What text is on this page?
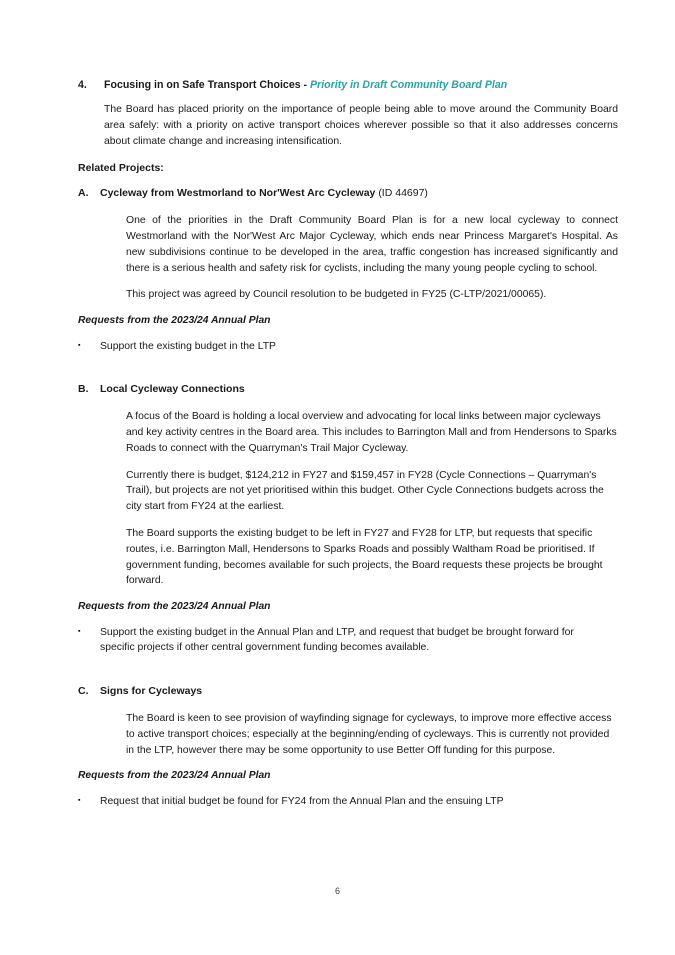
4.	Focusing in on Safe Transport Choices - Priority in Draft Community Board Plan

The Board has placed priority on the importance of people being able to move around the Community Board area safely: with a priority on active transport choices wherever possible so that it also addresses concerns about climate change and increasing intensification.

Related Projects:
A.	Cycleway from Westmorland to Nor'West Arc Cycleway (ID 44697)

One of the priorities in the Draft Community Board Plan is for a new local cycleway to connect Westmorland with the Nor'West Arc Major Cycleway, which ends near Princess Margaret's Hospital. As new subdivisions continue to be developed in the area, traffic congestion has increased significantly and there is a serious health and safety risk for cyclists, including the many young people cycling to school.

This project was agreed by Council resolution to be budgeted in FY25 (C-LTP/2021/00065).

Requests from the 2023/24 Annual Plan
▪	Support the existing budget in the LTP
B.	Local Cycleway Connections

A focus of the Board is holding a local overview and advocating for local links between major cycleways and key activity centres in the Board area. This includes to Barrington Mall and from Hendersons to Sparks Roads to connect with the Quarryman's Trail Major Cycleway.

Currently there is budget, $124,212 in FY27 and $159,457 in FY28 (Cycle Connections – Quarryman's Trail), but projects are not yet prioritised within this budget. Other Cycle Connections budgets across the city start from FY24 at the earliest.

The Board supports the existing budget to be left in FY27 and FY28 for LTP, but requests that specific routes, i.e. Barrington Mall, Hendersons to Sparks Roads and possibly Waltham Road be prioritised. If government funding, becomes available for such projects, the Board requests these projects be brought forward.

Requests from the 2023/24 Annual Plan
▪	Support the existing budget in the Annual Plan and LTP, and request that budget be brought forward for specific projects if other central government funding becomes available.
C.	Signs for Cycleways

The Board is keen to see provision of wayfinding signage for cycleways, to improve more effective access to active transport choices; especially at the beginning/ending of cycleways. This is currently not provided in the LTP, however there may be some opportunity to use Better Off funding for this purpose.

Requests from the 2023/24 Annual Plan
▪	Request that initial budget be found for FY24 from the Annual Plan and the ensuing LTP
6
